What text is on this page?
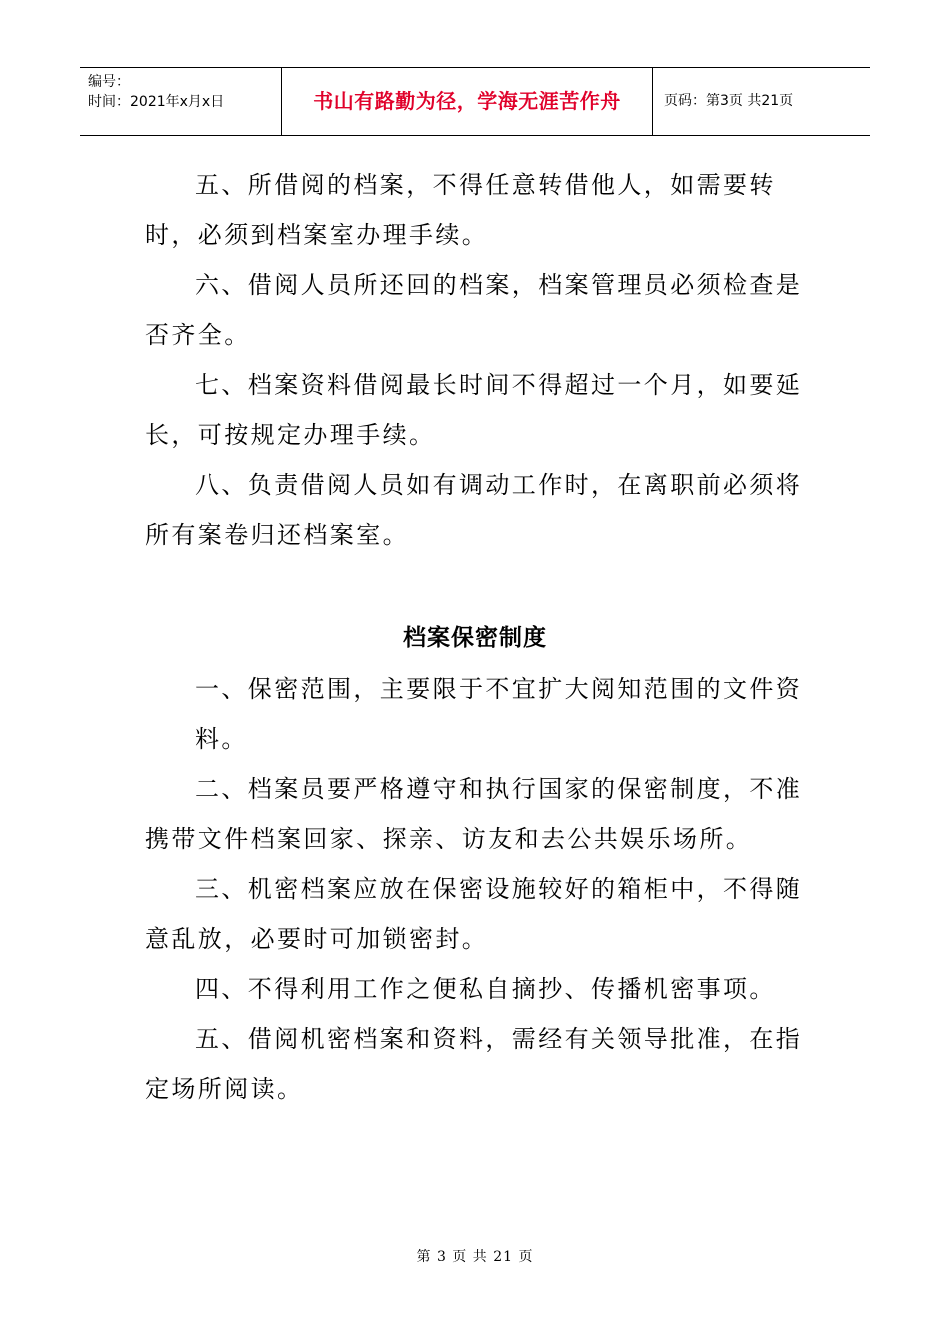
编号：
时间：2021年x月x日	书山有路勤为径，学海无涯苦作舟	页码：第3页 共21页

五、所借阅的档案，不得任意转借他人，如需要转时，必须到档案室办理手续。

六、借阅人员所还回的档案，档案管理员必须检查是否齐全。

七、档案资料借阅最长时间不得超过一个月，如要延长，可按规定办理手续。

八、负责借阅人员如有调动工作时，在离职前必须将所有案卷归还档案室。

档案保密制度

一、保密范围，主要限于不宜扩大阅知范围的文件资料。

二、档案员要严格遵守和执行国家的保密制度，不准携带文件档案回家、探亲、访友和去公共娱乐场所。

三、机密档案应放在保密设施较好的箱柜中，不得随意乱放，必要时可加锁密封。

四、不得利用工作之便私自摘抄、传播机密事项。

五、借阅机密档案和资料，需经有关领导批准，在指定场所阅读。

第 3 页 共 21 页
